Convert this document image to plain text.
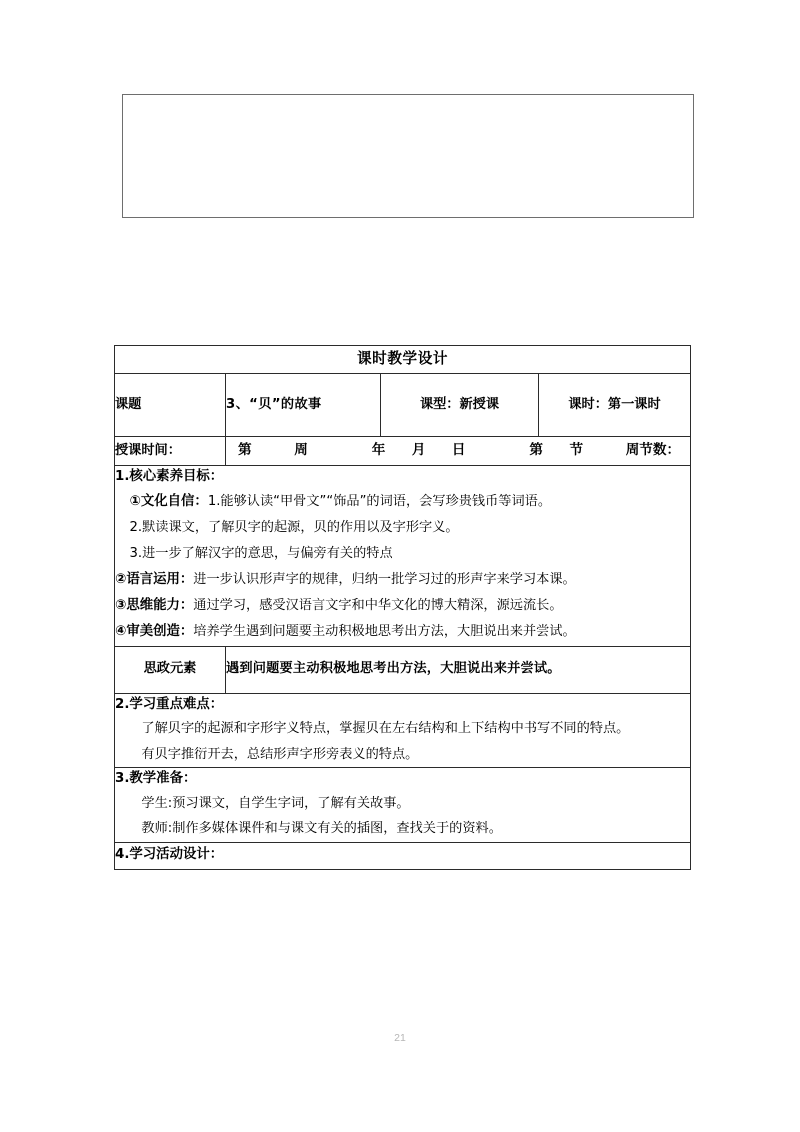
课时教学设计			
课题	3、“贝”的故事	课型：新授课	课时：第一课时
授课时间：	第	周	年 月 日	第 节	周节数：

1.核心素养目标：
①文化自信：1.能够认读“甲骨文”“饰品”的词语，会写珍贵钱币等词语。
2.默读课文，了解贝字的起源，贝的作用以及字形字义。
3.进一步了解汉字的意思，与偏旁有关的特点
②语言运用：进一步认识形声字的规律，归纳一批学习过的形声字来学习本课。
③思维能力：通过学习，感受汉语言文字和中华文化的博大精深，源远流长。
④审美创造：培养学生遇到问题要主动积极地思考出方法，大胆说出来并尝试。

思政元素	遇到问题要主动积极地思考出方法，大胆说出来并尝试。		

2.学习重点难点：
了解贝字的起源和字形字义特点，掌握贝在左右结构和上下结构中书写不同的特点。
有贝字推衍开去，总结形声字形旁表义的特点。			

3.教学准备：
学生:预习课文，自学生字词，了解有关故事。
教师:制作多媒体课件和与课文有关的插图，查找关于的资料。			

4.学习活动设计：			
21
